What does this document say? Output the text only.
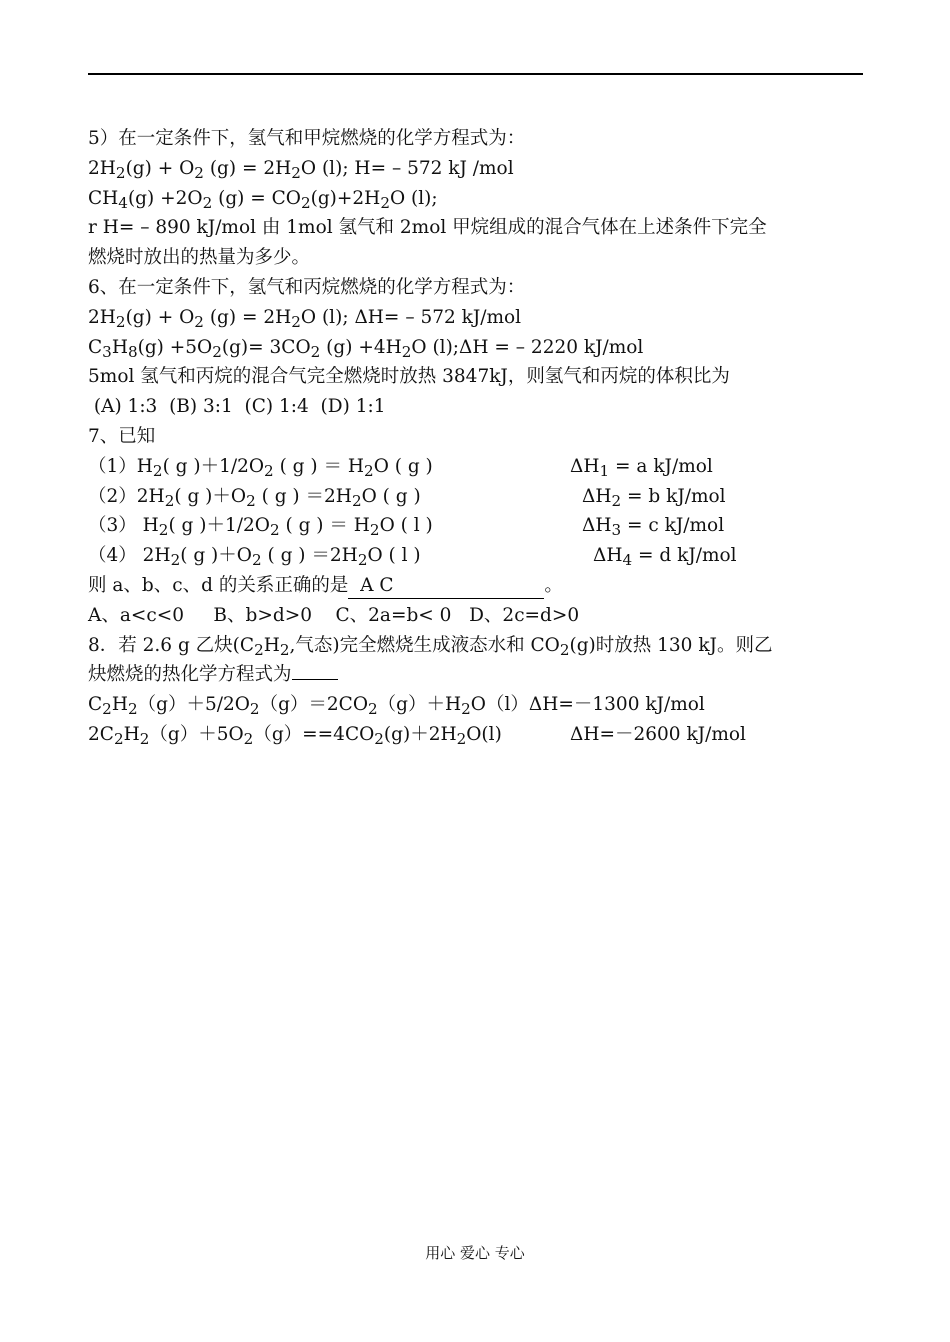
5）在一定条件下，氢气和甲烷燃烧的化学方程式为：
$2H_2(g) + O_2$ $(g) = 2H_2O$ (l); H= – 572 kJ /mol
$CH_4(g) +2O_2$ $(g) = CO_2(g)+2H_2O$ (l);
r H= – 890 kJ/mol 由 1mol 氢气和 2mol 甲烷组成的混合气体在上述条件下完全
燃烧时放出的热量为多少。
6、在一定条件下，氢气和丙烷燃烧的化学方程式为：
$2H_2(g) + O_2$ $(g) = 2H_2O$ (l); ΔH= – 572 kJ/mol
$C_3H_8(g) +5O_2(g)= 3CO_2$ $(g) +4H_2O$ (l);ΔH = – 2220 kJ/mol
5mol 氢气和丙烷的混合气完全燃烧时放热 3847kJ，则氢气和丙烷的体积比为
(A) 1:3  (B) 3:1  (C) 1:4  (D) 1:1
7、已知
$(1)H_2$( g )$+1/2O_2$ ( g ) ＝ $H_2O$ ( g )	$\Delta H_1 = a$ kJ/mol
$(2)2H_2$( g )$+O_2$ ( g ) $=2H_2O$ ( g )	$\Delta H_2 = b$ kJ/mol
（3） $H_2$( g )$+1/2O_2$ ( g ) ＝ $H_2O$ ( l )	$\Delta H_3 = c$ kJ/mol
（4） $2H_2$( g )$+O_2$ ( g ) $=2H_2O$ ( l )	$\Delta H_4 = d$ kJ/mol
则 a、b、c、d 的关系正确的是  A C	。
A、a<c<0     B、b>d>0    C、2a=b< 0   D、2c=d>0
8．若 2.6 g 乙炔($C_2H_2$,气态)完全燃烧生成液态水和 $CO_2(g)$时放热 130 kJ。则乙
炔燃烧的热化学方程式为
$C_2H_2(g)+5/2O_2(g)=2CO_2(g)+H_2O(l)\Delta H=-1300$ kJ/mol
$2C_2H_2(g)+5O_2(g)==4CO_2(g)+2H_2O(l)$	ΔH=－2600 kJ/mol
用心 爱心 专心
